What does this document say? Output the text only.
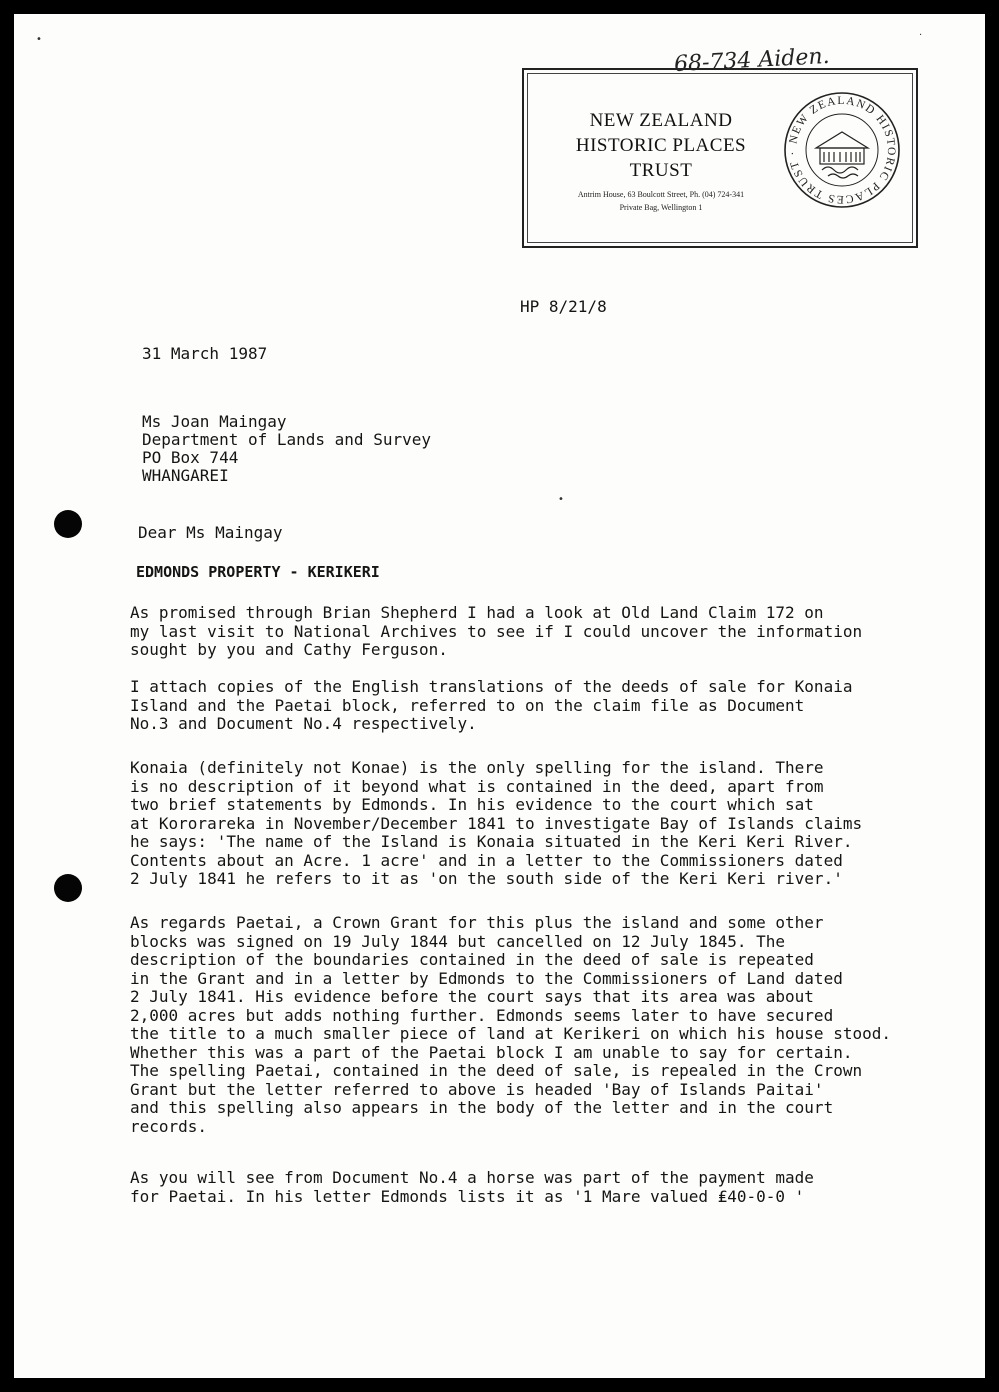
68-734 Aiden.
NEW ZEALAND
HISTORIC PLACES
TRUST
Antrim House, 63 Boulcott Street, Ph. (04) 724-341
Private Bag, Wellington 1
NEW ZEALAND HISTORIC PLACES TRUST ·
HP 8/21/8
31 March 1987
Ms Joan Maingay
Department of Lands and Survey
PO Box 744
WHANGAREI
Dear Ms Maingay
EDMONDS PROPERTY - KERIKERI
As promised through Brian Shepherd I had a look at Old Land Claim 172 on
my last visit to National Archives to see if I could uncover the information
sought by you and Cathy Ferguson.
I attach copies of the English translations of the deeds of sale for Konaia
Island and the Paetai block, referred to on the claim file as Document
No.3 and Document No.4 respectively.
Konaia (definitely not Konae) is the only spelling for the island. There
is no description of it beyond what is contained in the deed, apart from
two brief statements by Edmonds. In his evidence to the court which sat
at Kororareka in November/December 1841 to investigate Bay of Islands claims
he says: 'The name of the Island is Konaia situated in the Keri Keri River.
Contents about an Acre. 1 acre' and in a letter to the Commissioners dated
2 July 1841 he refers to it as 'on the south side of the Keri Keri river.'
As regards Paetai, a Crown Grant for this plus the island and some other
blocks was signed on 19 July 1844 but cancelled on 12 July 1845. The
description of the boundaries contained in the deed of sale is repeated
in the Grant and in a letter by Edmonds to the Commissioners of Land dated
2 July 1841. His evidence before the court says that its area was about
2,000 acres but adds nothing further. Edmonds seems later to have secured
the title to a much smaller piece of land at Kerikeri on which his house stood.
Whether this was a part of the Paetai block I am unable to say for certain.
The spelling Paetai, contained in the deed of sale, is repealed in the Crown
Grant but the letter referred to above is headed 'Bay of Islands Paitai'
and this spelling also appears in the body of the letter and in the court
records.
As you will see from Document No.4 a horse was part of the payment made
for Paetai. In his letter Edmonds lists it as '1 Mare valued ₤40-0-0 '
•	·
•
